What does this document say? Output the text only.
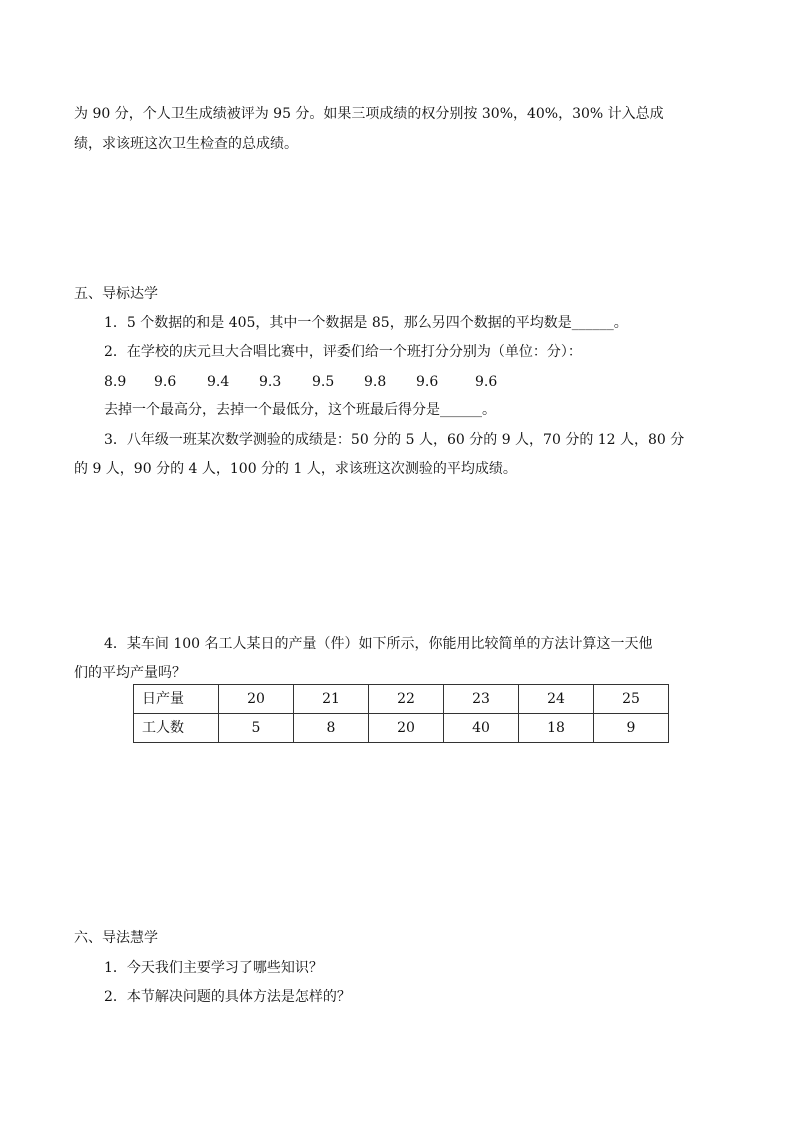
为 90 分，个人卫生成绩被评为 95 分。如果三项成绩的权分别按 30%，40%，30% 计入总成
绩，求该班这次卫生检查的总成绩。
五、导标达学
1．5 个数据的和是 405，其中一个数据是 85，那么另四个数据的平均数是______。
2．在学校的庆元旦大合唱比赛中，评委们给一个班打分分别为（单位：分）：
8.9 9.6 9.4 9.3 9.5 9.8 9.6	9.6
去掉一个最高分，去掉一个最低分，这个班最后得分是______。
3．八年级一班某次数学测验的成绩是：50 分的 5 人，60 分的 9 人，70 分的 12 人，80 分
的 9 人，90 分的 4 人，100 分的 1 人，求该班这次测验的平均成绩。
4．某车间 100 名工人某日的产量（件）如下所示，你能用比较简单的方法计算这一天他
们的平均产量吗？
日产量	20	21	22	23	24	25
工人数	5	8	20	40	18	9
六、导法慧学
1．今天我们主要学习了哪些知识？
2．本节解决问题的具体方法是怎样的？
